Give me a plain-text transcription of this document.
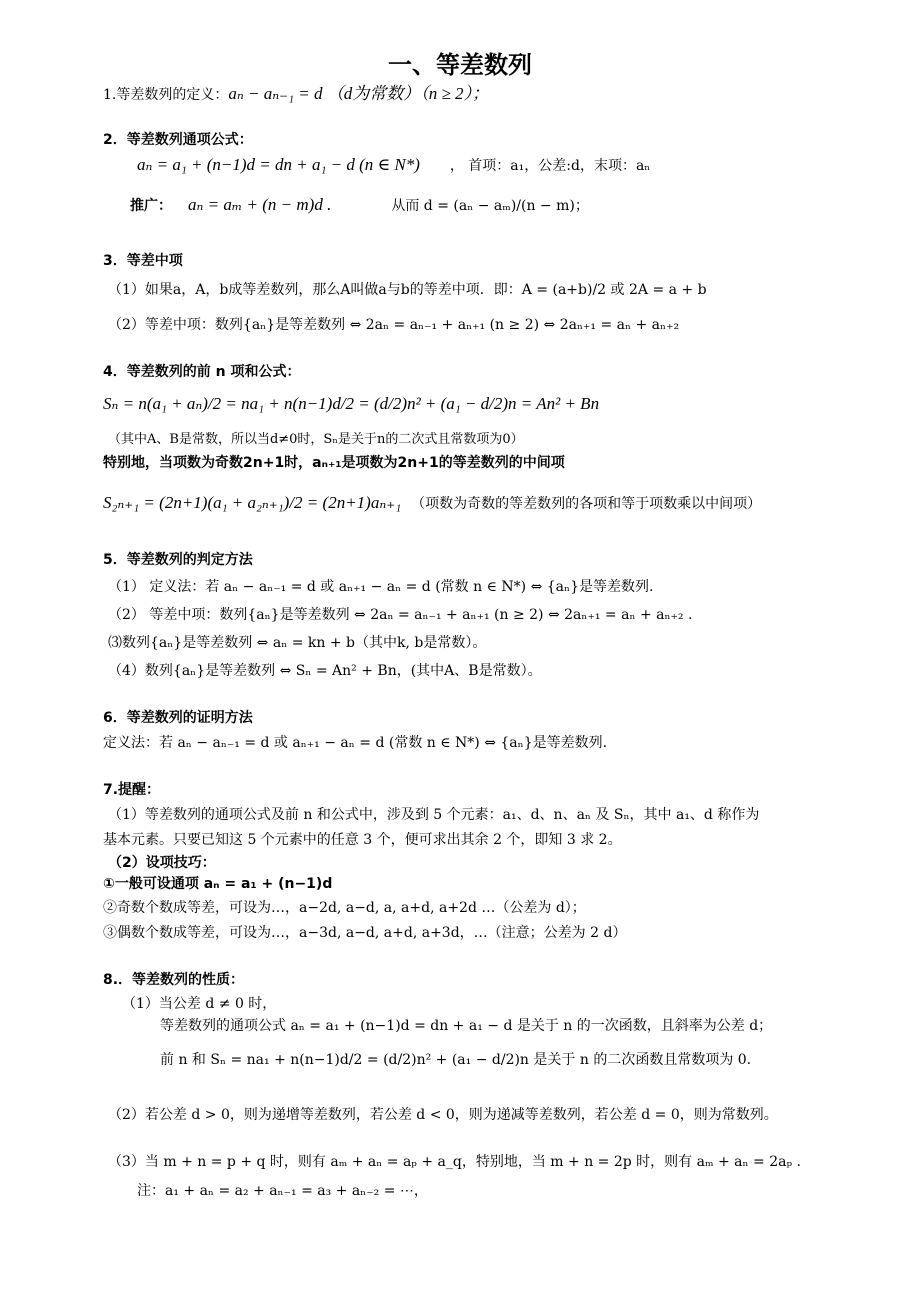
一、等差数列
1.等差数列的定义：aₙ − aₙ₋₁ = d （d为常数）（n ≥ 2）；
2．等差数列通项公式：
aₙ = a₁ + (n−1)d = dn + a₁ − d (n ∈ N*) ， 首项：a₁，公差:d，末项：aₙ
推广： aₙ = aₘ + (n − m)d .	从而 d = (aₙ − aₘ)/(n − m)；
3．等差中项
（1）如果a，A，b成等差数列，那么A叫做a与b的等差中项．即：A = (a+b)/2 或 2A = a + b
（2）等差中项：数列{aₙ}是等差数列 ⇔ 2aₙ = aₙ₋₁ + aₙ₊₁ (n ≥ 2) ⇔ 2aₙ₊₁ = aₙ + aₙ₊₂
4．等差数列的前 n 项和公式：
Sₙ = n(a₁ + aₙ)/2 = na₁ + n(n−1)d/2 = (d/2)n² + (a₁ − d/2)n = An² + Bn
（其中A、B是常数，所以当d≠0时，Sₙ是关于n的二次式且常数项为0）
特别地，当项数为奇数2n+1时，aₙ₊₁是项数为2n+1的等差数列的中间项
S₂ₙ₊₁ = (2n+1)(a₁ + a₂ₙ₊₁)/2 = (2n+1)aₙ₊₁ （项数为奇数的等差数列的各项和等于项数乘以中间项）
5．等差数列的判定方法
（1） 定义法：若 aₙ − aₙ₋₁ = d 或 aₙ₊₁ − aₙ = d (常数 n ∈ N*) ⇔ {aₙ}是等差数列.
（2） 等差中项：数列{aₙ}是等差数列 ⇔ 2aₙ = aₙ₋₁ + aₙ₊₁ (n ≥ 2) ⇔ 2aₙ₊₁ = aₙ + aₙ₊₂ .
⑶数列{aₙ}是等差数列 ⇔ aₙ = kn + b（其中k, b是常数）。
（4）数列{aₙ}是等差数列 ⇔ Sₙ = An² + Bn，(其中A、B是常数）。
6．等差数列的证明方法
定义法：若 aₙ − aₙ₋₁ = d 或 aₙ₊₁ − aₙ = d (常数 n ∈ N*) ⇔ {aₙ}是等差数列.
7.提醒：
（1）等差数列的通项公式及前 n 和公式中，涉及到 5 个元素：a₁、d、n、aₙ 及 Sₙ，其中 a₁、d 称作为
基本元素。只要已知这 5 个元素中的任意 3 个，便可求出其余 2 个，即知 3 求 2。
（2）设项技巧：
①一般可设通项 aₙ = a₁ + (n−1)d
②奇数个数成等差，可设为…，a−2d, a−d, a, a+d, a+2d …（公差为 d）；
③偶数个数成等差，可设为…，a−3d, a−d, a+d, a+3d，…（注意；公差为 2 d）
8.．等差数列的性质：
（1）当公差 d ≠ 0 时，
等差数列的通项公式 aₙ = a₁ + (n−1)d = dn + a₁ − d 是关于 n 的一次函数，且斜率为公差 d；
前 n 和 Sₙ = na₁ + n(n−1)d/2 = (d/2)n² + (a₁ − d/2)n 是关于 n 的二次函数且常数项为 0.
（2）若公差 d > 0，则为递增等差数列，若公差 d < 0，则为递减等差数列，若公差 d = 0，则为常数列。
（3）当 m + n = p + q 时，则有 aₘ + aₙ = aₚ + a_q，特别地，当 m + n = 2p 时，则有 aₘ + aₙ = 2aₚ .
注：a₁ + aₙ = a₂ + aₙ₋₁ = a₃ + aₙ₋₂ = ⋯，
